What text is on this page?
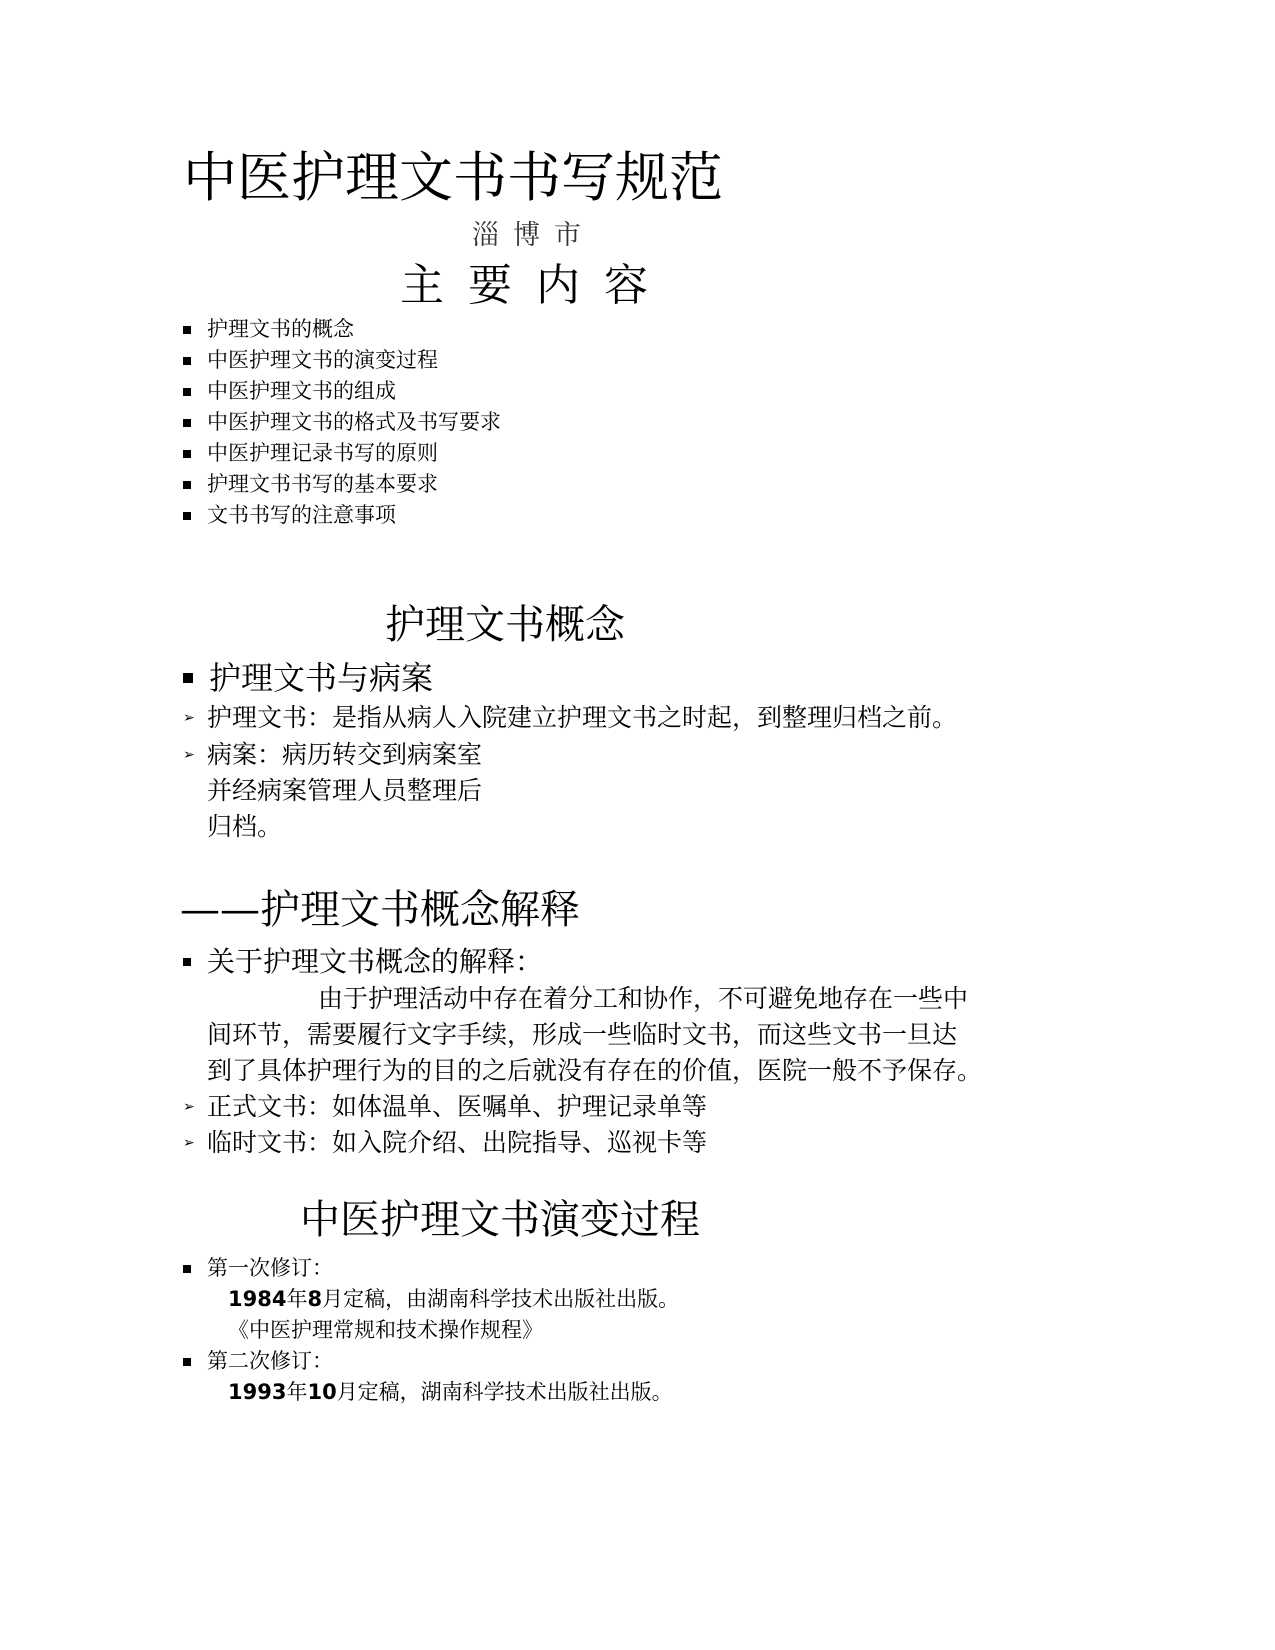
中医护理文书书写规范
淄博市
主要内容
护理文书的概念
中医护理文书的演变过程
中医护理文书的组成
中医护理文书的格式及书写要求
中医护理记录书写的原则
护理文书书写的基本要求
文书书写的注意事项
护理文书概念
护理文书与病案
➢ 护理文书：是指从病人入院建立护理文书之时起，到整理归档之前。
➢ 病案：病历转交到病案室
并经病案管理人员整理后
归档。
——护理文书概念解释
关于护理文书概念的解释：
由于护理活动中存在着分工和协作，不可避免地存在一些中
间环节，需要履行文字手续，形成一些临时文书，而这些文书一旦达
到了具体护理行为的目的之后就没有存在的价值，医院一般不予保存。
➢ 正式文书：如体温单、医嘱单、护理记录单等
➢ 临时文书：如入院介绍、出院指导、巡视卡等
中医护理文书演变过程
第一次修订：
1984年8月定稿，由湖南科学技术出版社出版。
《中医护理常规和技术操作规程》
第二次修订：
1993年10月定稿，湖南科学技术出版社出版。
